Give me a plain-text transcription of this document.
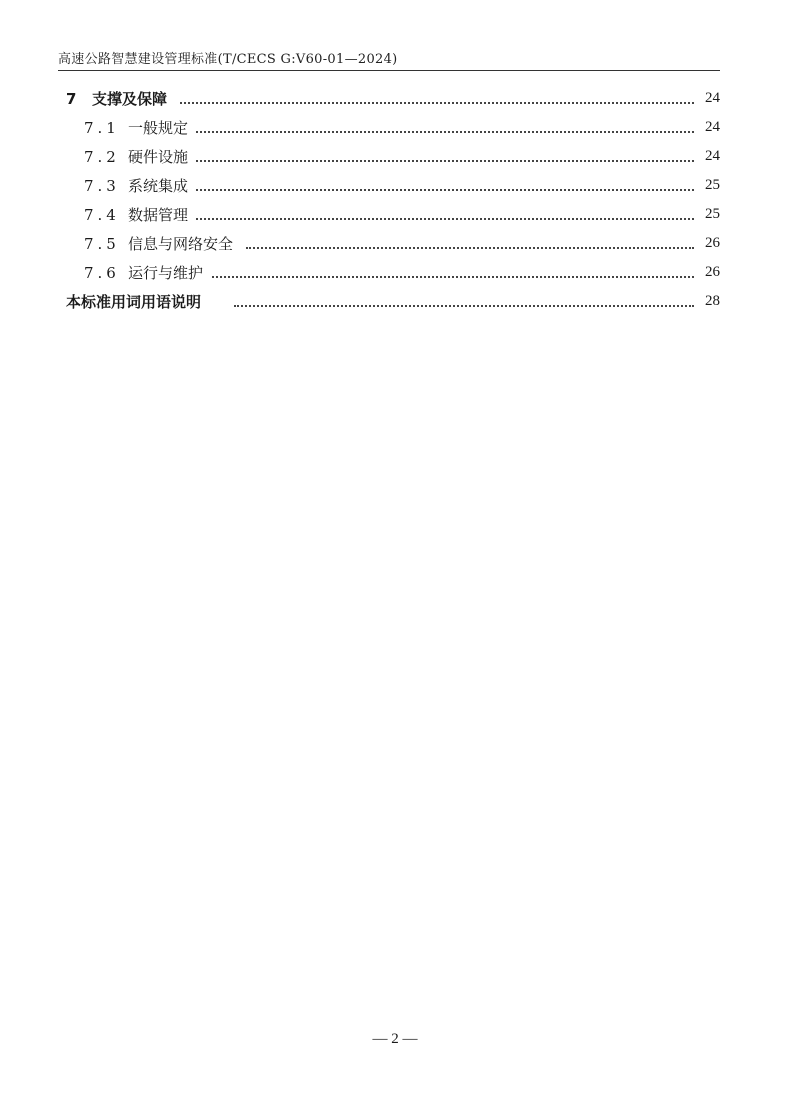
高速公路智慧建设管理标准(T/CECS G:V60-01—2024)
7 支撑及保障	24
7.1 一般规定	24
7.2 硬件设施	24
7.3 系统集成	25
7.4 数据管理	25
7.5 信息与网络安全	26
7.6 运行与维护	26
本标准用词用语说明	28
— 2 —
